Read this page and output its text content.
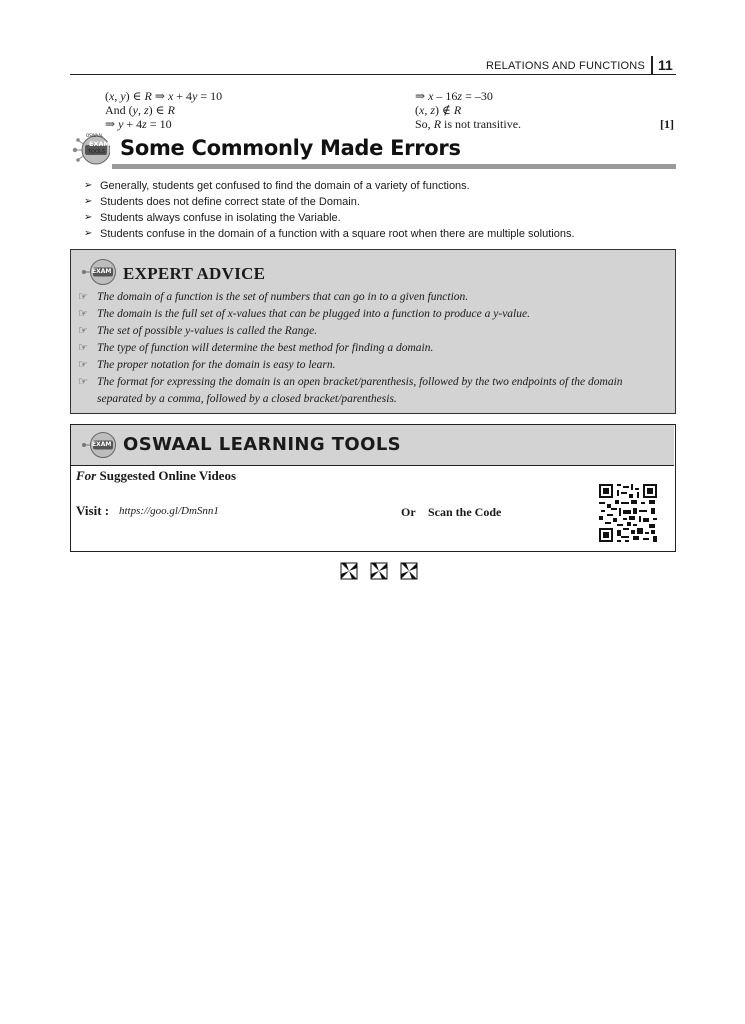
RELATIONS AND FUNCTIONS 11
(x, y) ∈ R ⇒ x + 4y = 10
And (y, z) ∈ R
⇒ y + 4z = 10
⇒ x – 16z = –30
(x, z) ∉ R
So, R is not transitive.	[1]
OSWAAL
EXAM
TOOLS Some Commonly Made Errors
➢ Generally, students get confused to find the domain of a variety of functions.
➢ Students does not define correct state of the Domain.
➢ Students always confuse in isolating the Variable.
➢ Students confuse in the domain of a function with a square root when there are multiple solutions.
EXAM EXPERT ADVICE
☞ The domain of a function is the set of numbers that can go in to a given function.
☞ The domain is the full set of x-values that can be plugged into a function to produce a y-value.
☞ The set of possible y-values is called the Range.
☞ The type of function will determine the best method for finding a domain.
☞ The proper notation for the domain is easy to learn.
☞ The format for expressing the domain is an open bracket/parenthesis, followed by the two endpoints of the domain separated by a comma, followed by a closed bracket/parenthesis.
EXAM OSWAAL LEARNING TOOLS
For Suggested Online Videos
Visit : https://goo.gl/DmSnn1	Or Scan the Code
